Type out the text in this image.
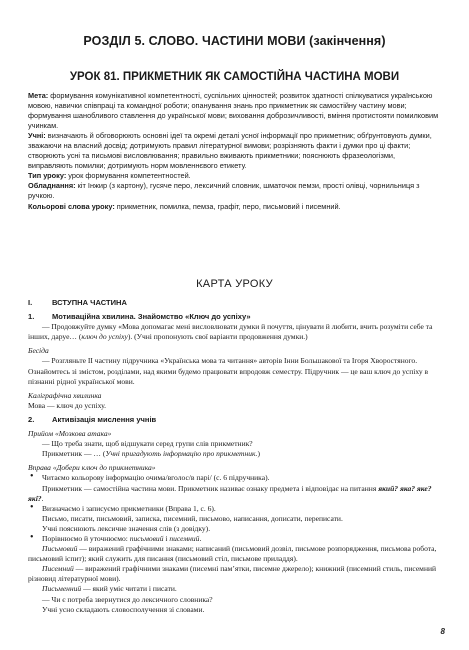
РОЗДІЛ 5. СЛОВО. ЧАСТИНИ МОВИ (закінчення)
УРОК 81. ПРИКМЕТНИК ЯК САМОСТІЙНА ЧАСТИНА МОВИ

Мета: формування комунікативної компетентності, суспільних цінностей; розвиток здатності спілкуватися українською мовою, навички співпраці та командної роботи; опанування знань про прикметник як самостійну частину мови; формування шанобливого ставлення до української мови; виховання доброзичливості, вміння протистояти помилковим учинкам.

Учні: визначають й обговорюють основні ідеї та окремі деталі усної інформації про прикметник; обґрунтовують думки, зважаючи на власний досвід; дотримують правил літературної вимови; розрізняють факти і думки про ці факти; створюють усні та письмові висловлювання; правильно вживають прикметники; пояснюють фразеологізми, виправляють помилки; дотримують норм мовленнєвого етикету.

Тип уроку: урок формування компетентностей.

Обладнання: кіт Інжир (з картону), гусяче перо, лексичний словник, шматочок пемзи, прості олівці, чорнильниця з ручкою.

Кольорові слова уроку: прикметник, помилка, пемза, графіт, перо, письмовий і писемний.

КАРТА УРОКУ

I.	ВСТУПНА ЧАСТИНА

1. Мотиваційна хвилина. Знайомство «Ключ до успіху»

— Продовжуйте думку «Мова допомагає мені висловлювати думки й почуття, цінувати й любити, вчить розуміти себе та інших, даруе… (ключ до успіху). (Учні пропонують свої варіанти продовження думки.)

Бесіда

— Розгляньте II частину підручника «Українська мова та читання» авторів Інни Большакової та Ігоря Хворостяного. Ознайомтесь зі змістом, розділами, над якими будемо працювати впродовж семестру. Підручник — це ваш ключ до успіху в пізнанні рідної української мови.

Каліграфічна хвилинка

Мова — ключ до успіху.

2. Активізація мислення учнів

Прийом «Мозкова атака»

— Що треба знати, щоб відшукати серед групи слів прикметник?

Прикметник — … (Учні пригадують інформацію про прикметник.)

Вправа «Добери ключ до прикметника»

• Читаємо кольорову інформацію очима/вголос/в парі/ (с. 6 підручника).

Прикметник — самостійна частина мови. Прикметник називає ознаку предмета і відповідає на питання який? яка? яке? які?.

• Визначаємо і записуємо прикметники (Вправа 1, с. 6).

Письмо, писати, письмовий, записка, писемний, письмово, написання, дописати, переписати.

Учні пояснюють лексичне значення слів (з довідку).

• Порівнюємо й уточнюємо: письмовий і писемний.

Письмовий — виражений графічними знаками; написаний (письмовий дозвіл, письмове розпорядження, письмова робота, письмовий іспит); який служить для писання (письмовий стіл, письмове приладдя).

Писемний — виражений графічними знаками (писемні пам’ятки, писемне джерело); книжний (писемний стиль, писемний різновид літературної мови).

Письменний — який уміє читати і писати.

— Чи є потреба звернутися до лексичного словника?

Учні усно складають словосполучення зі словами.

8
